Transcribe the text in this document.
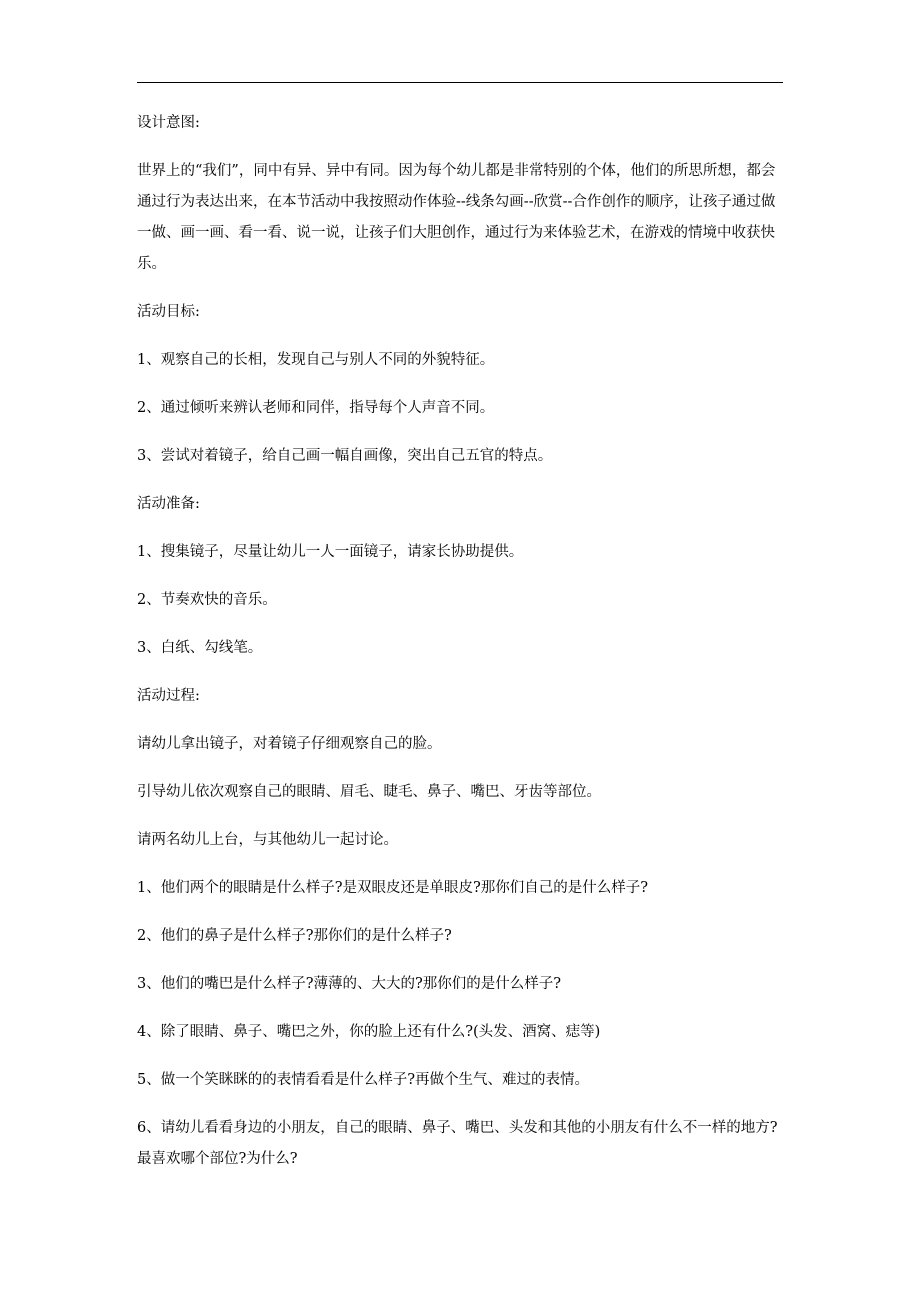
设计意图:

世界上的“我们”，同中有异、异中有同。因为每个幼儿都是非常特别的个体，他们的所思所想，都会通过行为表达出来，在本节活动中我按照动作体验--线条勾画--欣赏--合作创作的顺序，让孩子通过做一做、画一画、看一看、说一说，让孩子们大胆创作，通过行为来体验艺术，在游戏的情境中收获快乐。

活动目标:

1、观察自己的长相，发现自己与别人不同的外貌特征。

2、通过倾听来辨认老师和同伴，指导每个人声音不同。

3、尝试对着镜子，给自己画一幅自画像，突出自己五官的特点。

活动准备:

1、搜集镜子，尽量让幼儿一人一面镜子，请家长协助提供。

2、节奏欢快的音乐。

3、白纸、勾线笔。

活动过程:

请幼儿拿出镜子，对着镜子仔细观察自己的脸。

引导幼儿依次观察自己的眼睛、眉毛、睫毛、鼻子、嘴巴、牙齿等部位。

请两名幼儿上台，与其他幼儿一起讨论。

1、他们两个的眼睛是什么样子?是双眼皮还是单眼皮?那你们自己的是什么样子?

2、他们的鼻子是什么样子?那你们的是什么样子?

3、他们的嘴巴是什么样子?薄薄的、大大的?那你们的是什么样子?

4、除了眼睛、鼻子、嘴巴之外，你的脸上还有什么?(头发、酒窝、痣等)

5、做一个笑眯眯的的表情看看是什么样子?再做个生气、难过的表情。

6、请幼儿看看身边的小朋友，自己的眼睛、鼻子、嘴巴、头发和其他的小朋友有什么不一样的地方?最喜欢哪个部位?为什么?
